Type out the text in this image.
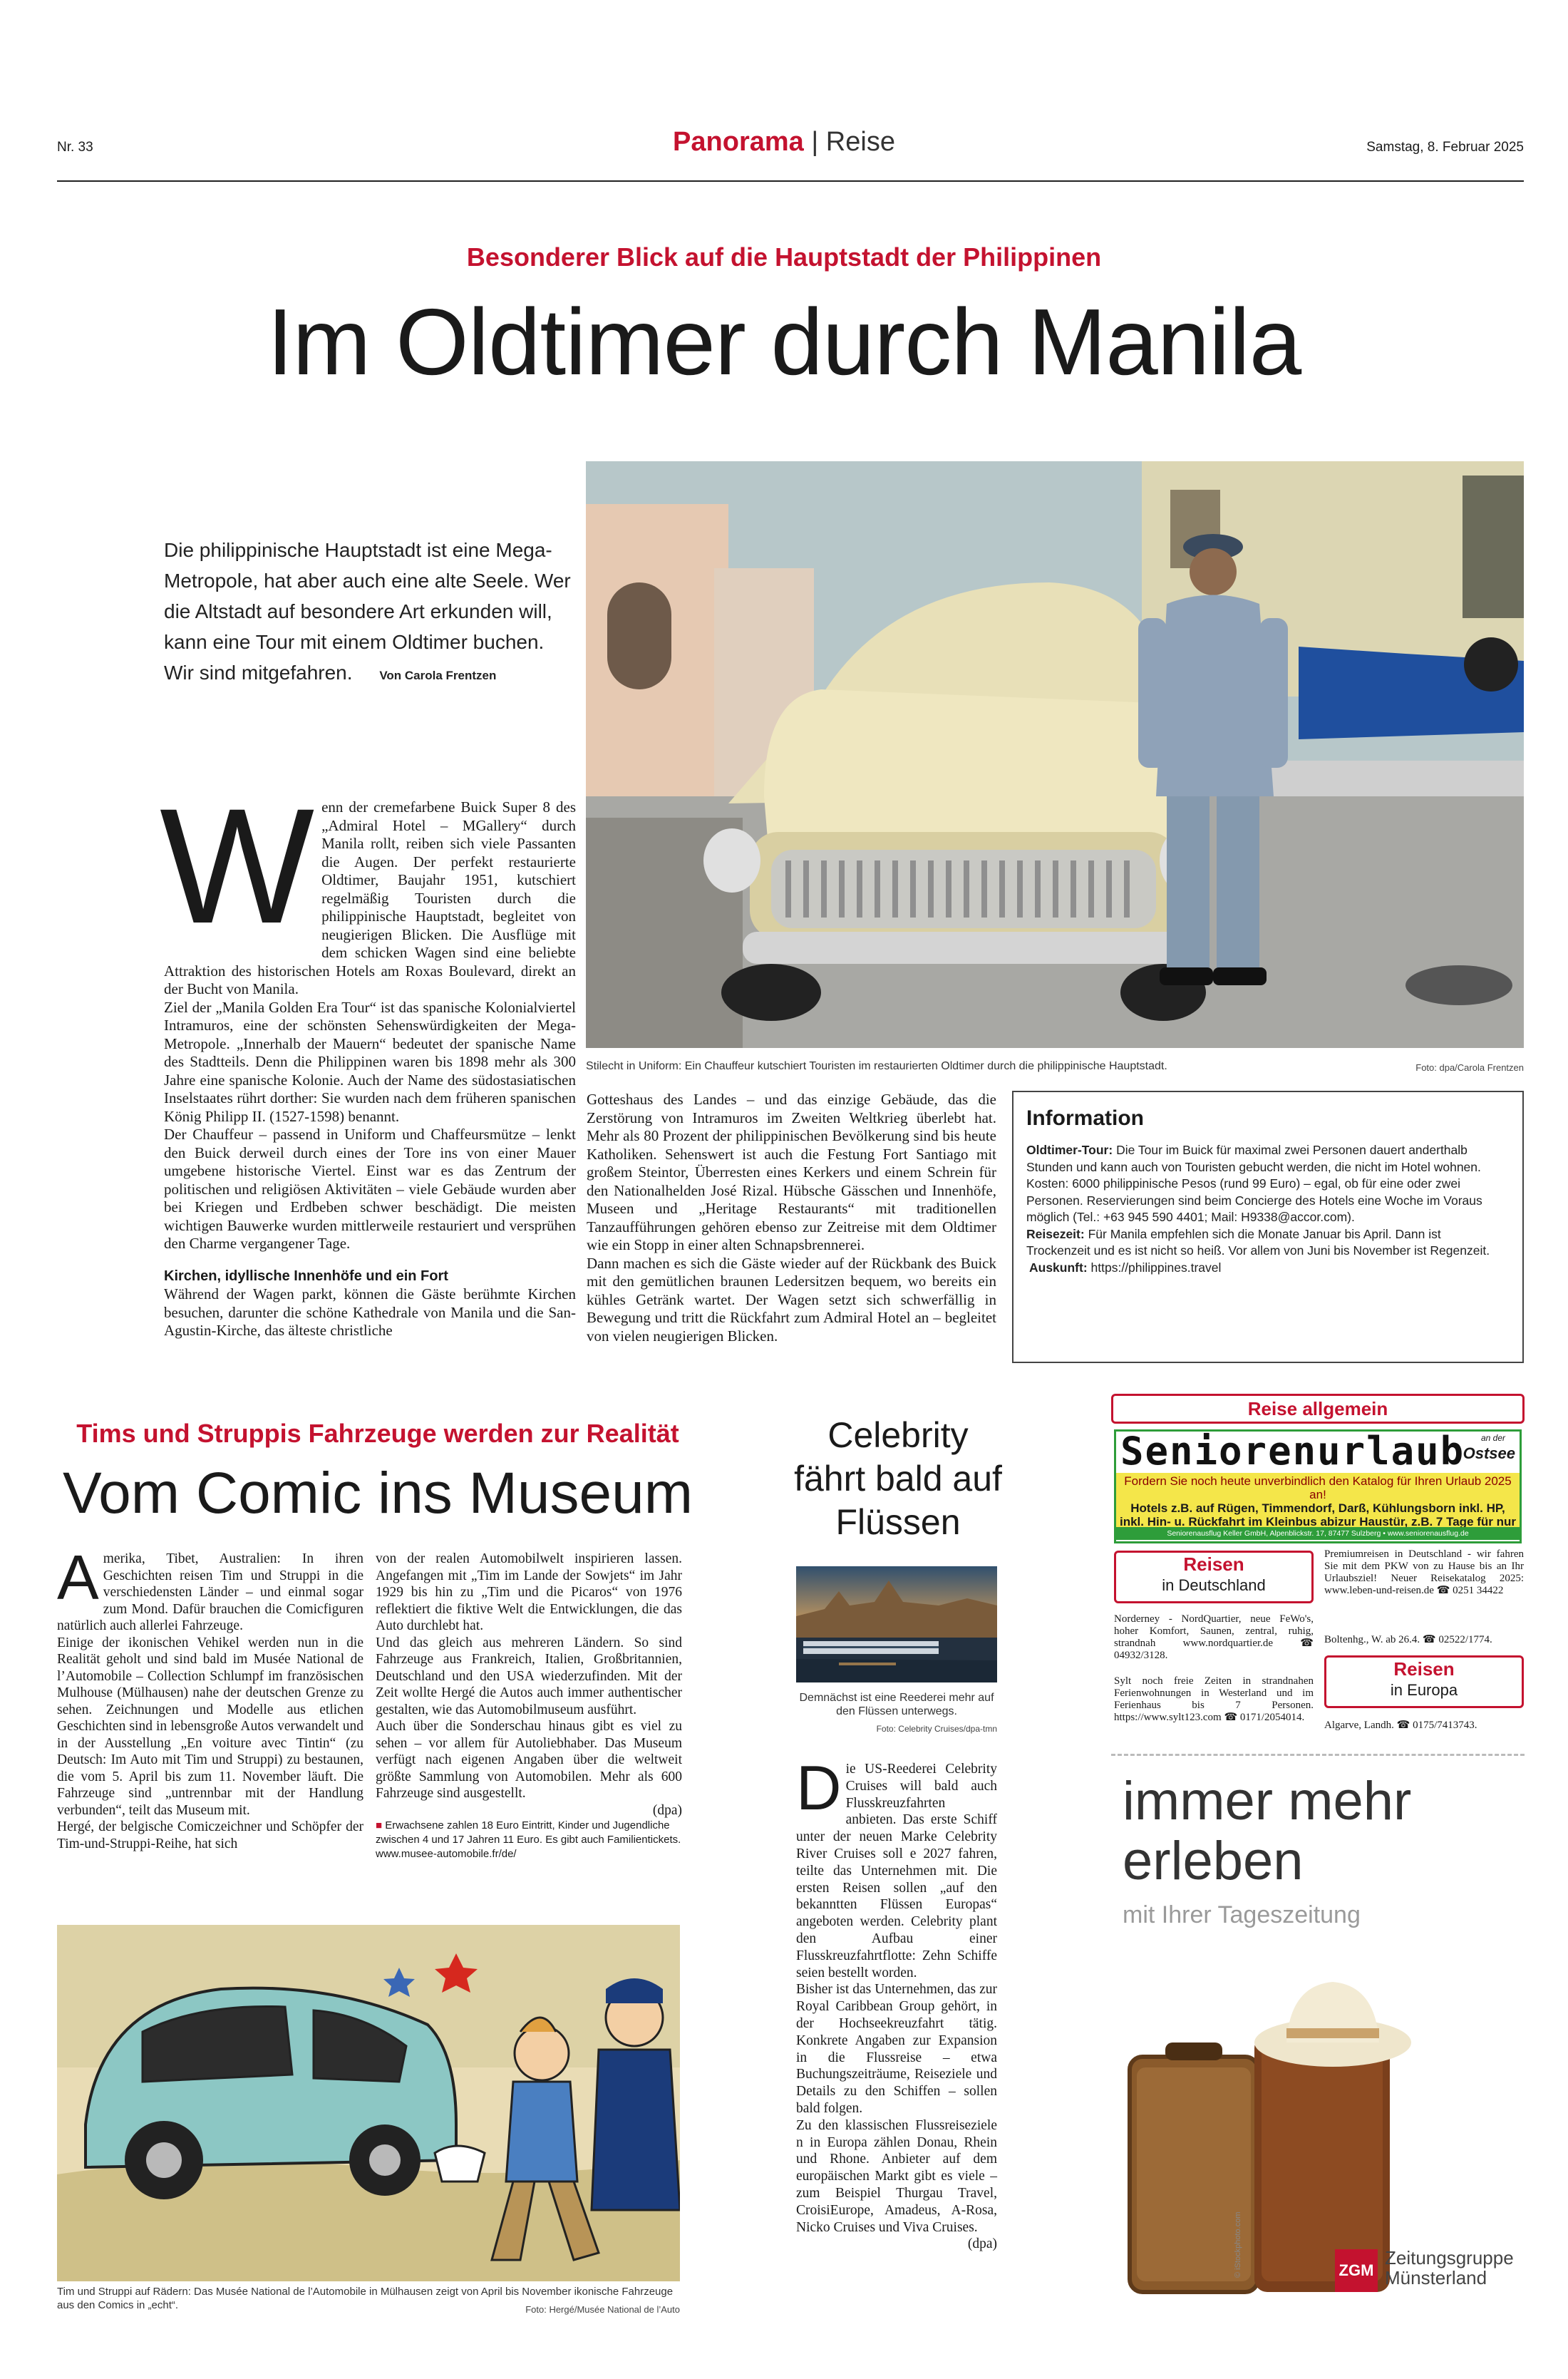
Nr. 33	Panorama | Reise	Samstag, 8. Februar 2025
Besonderer Blick auf die Hauptstadt der Philippinen
Im Oldtimer durch Manila
Die philippinische Hauptstadt ist eine Mega-Metropole, hat aber auch eine alte Seele. Wer die Altstadt auf besondere Art erkunden will, kann eine Tour mit einem Oldtimer buchen. Wir sind mitgefahren. Von Carola Frentzen
Stilecht in Uniform: Ein Chauffeur kutschiert Touristen im restaurierten Oldtimer durch die philippinische Hauptstadt.	Foto: dpa/Carola Frentzen
W enn der cremefarbene Buick Super 8 des „Admiral Hotel – MGallery“ durch Manila rollt, reiben sich viele Passanten die Augen. Der perfekt restaurierte Oldtimer, Baujahr 1951, kutschiert regelmäßig Touristen durch die philippinische Hauptstadt, begleitet von neugierigen Blicken. Die Ausflüge mit dem schicken Wagen sind eine beliebte Attraktion des historischen Hotels am Roxas Boulevard, direkt an der Bucht von Manila.

Ziel der „Manila Golden Era Tour“ ist das spanische Kolonialviertel Intramuros, eine der schönsten Sehenswürdigkeiten der Mega-Metropole. „Innerhalb der Mauern“ bedeutet der spanische Name des Stadtteils. Denn die Philippinen waren bis 1898 mehr als 300 Jahre eine spanische Kolonie. Auch der Name des südostasiatischen Inselstaates rührt dorther: Sie wurden nach dem früheren spanischen König Philipp II. (1527-1598) benannt.

Der Chauffeur – passend in Uniform und Chaffeursmütze – lenkt den Buick derweil durch eines der Tore ins von einer Mauer umgebene historische Viertel. Einst war es das Zentrum der politischen und religiösen Aktivitäten – viele Gebäude wurden aber bei Kriegen und Erdbeben schwer beschädigt. Die meisten wichtigen Bauwerke wurden mittlerweile restauriert und versprühen den Charme vergangener Tage.

Kirchen, idyllische Innenhöfe und ein Fort

Während der Wagen parkt, können die Gäste berühmte Kirchen besuchen, darunter die schöne Kathedrale von Manila und die San-Agustin-Kirche, das älteste christliche

Gotteshaus des Landes – und das einzige Gebäude, das die Zerstörung von Intramuros im Zweiten Weltkrieg überlebt hat. Mehr als 80 Prozent der philippinischen Bevölkerung sind bis heute Katholiken. Sehenswert ist auch die Festung Fort Santiago mit großem Steintor, Überresten eines Kerkers und einem Schrein für den Nationalhelden José Rizal. Hübsche Gässchen und Innenhöfe, Museen und „Heritage Restaurants“ mit traditionellen Tanzaufführungen gehören ebenso zur Zeitreise mit dem Oldtimer wie ein Stopp in einer alten Schnapsbrennerei.

Dann machen es sich die Gäste wieder auf der Rückbank des Buick mit den gemütlichen braunen Ledersitzen bequem, wo bereits ein kühles Getränk wartet. Der Wagen setzt sich schwerfällig in Bewegung und tritt die Rückfahrt zum Admiral Hotel an – begleitet von vielen neugierigen Blicken.

Information
Oldtimer-Tour: Die Tour im Buick für maximal zwei Personen dauert anderthalb Stunden und kann auch von Touristen gebucht werden, die nicht im Hotel wohnen. Kosten: 6000 philippinische Pesos (rund 99 Euro) – egal, ob für eine oder zwei Personen. Reservierungen sind beim Concierge des Hotels eine Woche im Voraus möglich (Tel.: +63 945 590 4401; Mail: H9338@accor.com).
Reisezeit: Für Manila empfehlen sich die Monate Januar bis April. Dann ist Trockenzeit und es ist nicht so heiß. Vor allem von Juni bis November ist Regenzeit.
Auskunft: https://philippines.travel
Tims und Struppis Fahrzeuge werden zur Realität
Vom Comic ins Museum
A merika, Tibet, Australien: In ihren Geschichten reisen Tim und Struppi in die verschiedensten Länder – und einmal sogar zum Mond. Dafür brauchen die Comicfiguren natürlich auch allerlei Fahrzeuge.

Einige der ikonischen Vehikel werden nun in die Realität geholt und sind bald im Musée National de l’Automobile – Collection Schlumpf im französischen Mulhouse (Mülhausen) nahe der deutschen Grenze zu sehen. Zeichnungen und Modelle aus etlichen Geschichten sind in lebensgroße Autos verwandelt und in der Ausstellung „En voiture avec Tintin“ (zu Deutsch: Im Auto mit Tim und Struppi) zu bestaunen, die vom 5. April bis zum 11. November läuft. Die Fahrzeuge sind „untrennbar mit der Handlung verbunden“, teilt das Museum mit.

Hergé, der belgische Comiczeichner und Schöpfer der Tim-und-Struppi-Reihe, hat sich

von der realen Automobilwelt inspirieren lassen. Angefangen mit „Tim im Lande der Sowjets“ im Jahr 1929 bis hin zu „Tim und die Picaros“ von 1976 reflektiert die fiktive Welt die Entwicklungen, die das Auto durchlebt hat.

Und das gleich aus mehreren Ländern. So sind Fahrzeuge aus Frankreich, Italien, Großbritannien, Deutschland und den USA wiederzufinden. Mit der Zeit wollte Hergé die Autos auch immer authentischer gestalten, wie das Automobilmuseum ausführt.

Auch über die Sonderschau hinaus gibt es viel zu sehen – vor allem für Autoliebhaber. Das Museum verfügt nach eigenen Angaben über die weltweit größte Sammlung von Automobilen. Mehr als 600 Fahrzeuge sind ausgestellt.

(dpa)

■ Erwachsene zahlen 18 Euro Eintritt, Kinder und Jugendliche zwischen 4 und 17 Jahren 11 Euro. Es gibt auch Familientickets. www.musee-automobile.fr/de/

Tim und Struppi auf Rädern: Das Musée National de l’Automobile in Mülhausen zeigt von April bis November ikonische Fahrzeuge aus den Comics in „echt“.	Foto: Hergé/Musée National de l’Auto
Celebrity fährt bald auf Flüssen
Demnächst ist eine Reederei mehr auf den Flüssen unterwegs.
Foto: Celebrity Cruises/dpa-tmn
D ie US-Reederei Celebrity Cruises will bald auch Flusskreuzfahrten anbieten. Das erste Schiff unter der neuen Marke Celebrity River Cruises soll e 2027 fahren, teilte das Unternehmen mit. Die ersten Reisen sollen „auf den bekanntten Flüssen Europas“ angeboten werden. Celebrity plant den Aufbau einer Flusskreuzfahrtflotte: Zehn Schiffe seien bestellt worden.

Bisher ist das Unternehmen, das zur Royal Caribbean Group gehört, in der Hochseekreuzfahrt tätig. Konkrete Angaben zur Expansion in die Flussreise – etwa Buchungszeiträume, Reiseziele und Details zu den Schiffen – sollen bald folgen.

Zu den klassischen Flussreiseziele n in Europa zählen Donau, Rhein und Rhone. Anbieter auf dem europäischen Markt gibt es viele – zum Beispiel Thurgau Travel, CroisiEurope, Amadeus, A-Rosa, Nicko Cruises und Viva Cruises.

(dpa)

Reise allgemein
Seniorenurlaub an der
Ostsee
Fordern Sie noch heute unverbindlich den Katalog für Ihren Urlaub 2025 an!
Hotels z.B. auf Rügen, Timmendorf, Darß, Kühlungsborn inkl. HP, inkl. Hin- u. Rückfahrt im Kleinbus abizur Haustür, z.B. 7 Tage für nur
Seniorenausflug Keller GmbH, Alpenblickstr. 17, 87477 Sulzberg • www.seniorenausflug.de
Reisen
in Deutschland
Norderney - NordQuartier, neue FeWo's, hoher Komfort, Saunen, zentral, ruhig, strandnah www.nordquartier.de ☎ 04932/3128.
Sylt noch freie Zeiten in strandnahen Ferienwohnungen in Westerland und im Ferienhaus bis 7 Personen. https://www.sylt123.com ☎ 0171/2054014.
Premiumreisen in Deutschland - wir fahren Sie mit dem PKW von zu Hause bis an Ihr Urlaubsziel! Neuer Reisekatalog 2025: www.leben-und-reisen.de ☎ 0251 34422
Boltenhg., W. ab 26.4. ☎ 02522/1774.
Reisen
in Europa
Algarve, Landh. ☎ 0175/7413743.
immer mehr
erleben
mit Ihrer Tageszeitung
© iStockphoto.com	ZGM
Zeitungsgruppe
Münsterland
